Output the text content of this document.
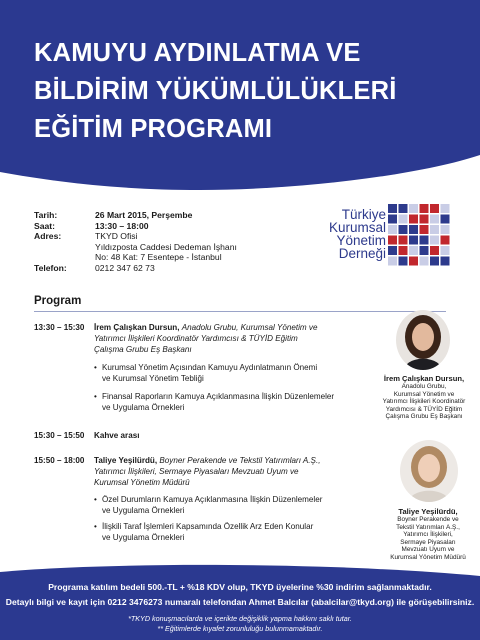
KAMUYU AYDINLATMA VE
BİLDİRİM YÜKÜMLÜLÜKLERİ
EĞİTİM PROGRAMI
Tarih:	26 Mart 2015, Perşembe
Saat:	13:30 – 18:00
Adres:	TKYD Ofisi
Yıldızposta Caddesi Dedeman İşhanı
No: 48 Kat: 7 Esentepe - İstanbul
Telefon:	0212 347 62 73
Türkiye
Kurumsal
Yönetim
Derneği
Program
13:30 – 15:30 İrem Çalışkan Dursun, Anadolu Grubu, Kurumsal Yönetim ve
Yatırımcı İlişkileri Koordinatör Yardımcısı & TÜYİD Eğitim
Çalışma Grubu Eş Başkanı
• Kurumsal Yönetim Açısından Kamuyu Aydınlatmanın Önemi
ve Kurumsal Yönetim Tebliği
• Finansal Raporların Kamuya Açıklanmasına İlişkin Düzenlemeler
ve Uygulama Örnekleri
15:30 – 15:50 Kahve arası
15:50 – 18:00 Taliye Yeşilürdü, Boyner Perakende ve Tekstil Yatırımları A.Ş.,
Yatırımcı İlişkileri, Sermaye Piyasaları Mevzuatı Uyum ve
Kurumsal Yönetim Müdürü
• Özel Durumların Kamuya Açıklanmasına İlişkin Düzenlemeler
ve Uygulama Örnekleri
• İlişkili Taraf İşlemleri Kapsamında Özellik Arz Eden Konular
ve Uygulama Örnekleri
İrem Çalışkan Dursun,
Anadolu Grubu,
Kurumsal Yönetim ve
Yatırımcı İlişkileri Koordinatör
Yardımcısı & TÜYİD Eğitim
Çalışma Grubu Eş Başkanı
Taliye Yeşilürdü,
Boyner Perakende ve
Tekstil Yatırımları A.Ş.,
Yatırımcı İlişkileri,
Sermaye Piyasaları
Mevzuatı Uyum ve
Kurumsal Yönetim Müdürü
Programa katılım bedeli 500.-TL + %18 KDV olup, TKYD üyelerine %30 indirim sağlanmaktadır.
Detaylı bilgi ve kayıt için 0212 3476273 numaralı telefondan Ahmet Balcılar (abalcilar@tkyd.org) ile görüşebilirsiniz.
*TKYD konuşmacılarda ve içerikte değişiklik yapma hakkını saklı tutar.
** Eğitimlerde kıyafet zorunluluğu bulunmamaktadır.
